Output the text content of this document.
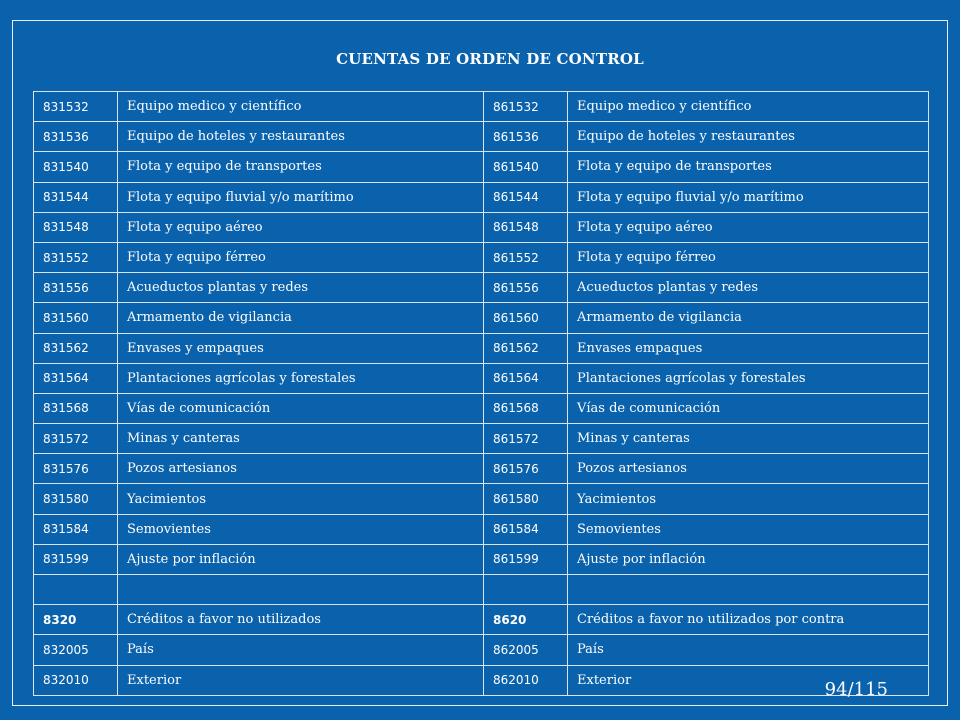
CUENTAS DE ORDEN DE CONTROL
831532	Equipo medico y científico	861532	Equipo medico y científico
831536	Equipo de hoteles y restaurantes	861536	Equipo de hoteles y restaurantes
831540	Flota y equipo de transportes	861540	Flota y equipo de transportes
831544	Flota y equipo fluvial y/o marítimo	861544	Flota y equipo fluvial y/o marítimo
831548	Flota y equipo aéreo	861548	Flota y equipo aéreo
831552	Flota y equipo férreo	861552	Flota y equipo férreo
831556	Acueductos plantas y redes	861556	Acueductos plantas y redes
831560	Armamento de vigilancia	861560	Armamento de vigilancia
831562	Envases y empaques	861562	Envases empaques
831564	Plantaciones agrícolas y forestales	861564	Plantaciones agrícolas y forestales
831568	Vías de comunicación	861568	Vías de comunicación
831572	Minas y canteras	861572	Minas y canteras
831576	Pozos artesianos	861576	Pozos artesianos
831580	Yacimientos	861580	Yacimientos
831584	Semovientes	861584	Semovientes
831599	Ajuste por inflación	861599	Ajuste por inflación

8320	Créditos a favor no utilizados	8620	Créditos a favor no utilizados por contra
832005	País	862005	País
832010	Exterior	862010	Exterior	94/115
